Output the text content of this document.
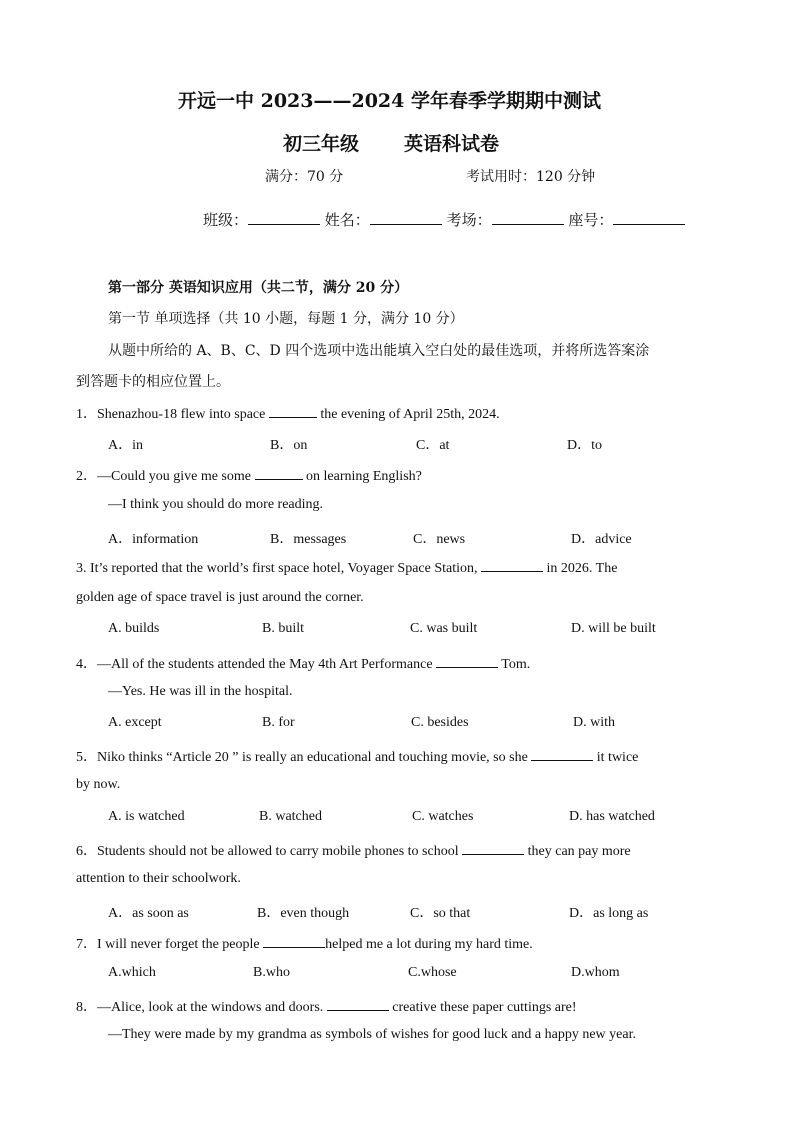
开远一中 2023——2024 学年春季学期期中测试
初三年级 英语科试卷
满分：70 分	考试用时：120 分钟
班级：	姓名：	考场：	座号：
第一部分 英语知识应用（共二节，满分 20 分）
第一节 单项选择（共 10 小题，每题 1 分，满分 10 分）
从题中所给的 A、B、C、D 四个选项中选出能填入空白处的最佳选项，并将所选答案涂
到答题卡的相应位置上。
1．Shenazhou-18 flew into space	the evening of April 25th, 2024.
A．in	B．on	C．at	D．to
2．—Could you give me some	on learning English?
—I think you should do more reading.
A．information	B．messages	C．news	D．advice
3. It’s reported that the world’s first space hotel, Voyager Space Station,	in 2026. The
golden age of space travel is just around the corner.
A. builds	B. built	C. was built	D. will be built
4．—All of the students attended the May 4th Art Performance	Tom.
—Yes. He was ill in the hospital.
A. except	B. for	C. besides	D. with
5．Niko thinks “Article 20 ” is really an educational and touching movie, so she	it twice
by now.
A. is watched	B. watched	C. watches	D. has watched
6．Students should not be allowed to carry mobile phones to school	they can pay more
attention to their schoolwork.
A．as soon as	B．even though	C．so that	D．as long as
7．I will never forget the people	helped me a lot during my hard time.
A.which	B.who	C.whose	D.whom
8．—Alice, look at the windows and doors.	creative these paper cuttings are!
—They were made by my grandma as symbols of wishes for good luck and a happy new year.
